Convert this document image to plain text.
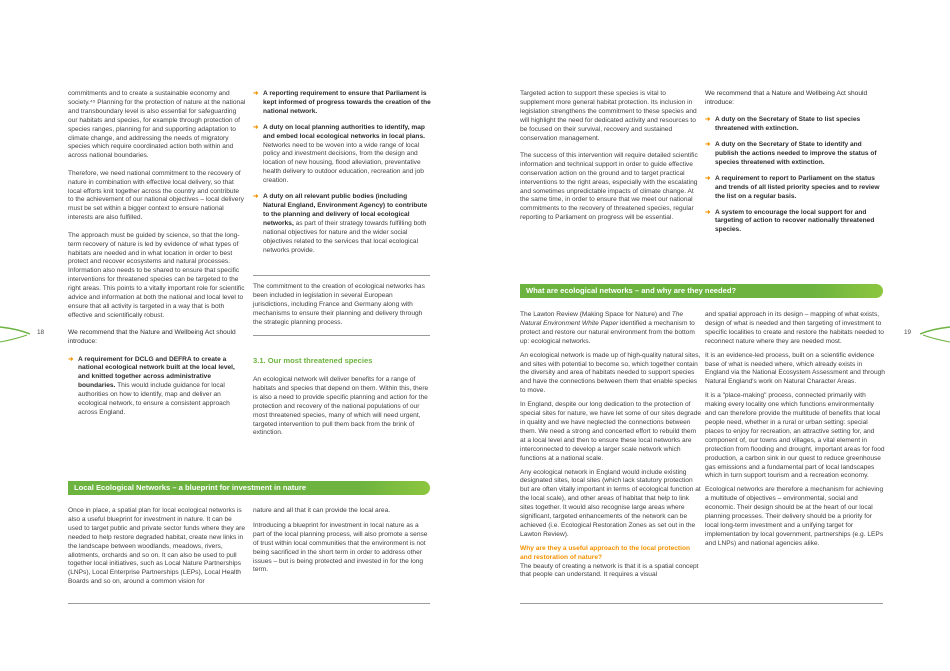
18

commitments and to create a sustainable economy and society.⁴⁵ Planning for the protection of nature at the national and transboundary level is also essential for safeguarding our habitats and species, for example through protection of species ranges, planning for and supporting adaptation to climate change, and addressing the needs of migratory species which require coordinated action both within and across national boundaries.

Therefore, we need national commitment to the recovery of nature in combination with effective local delivery, so that local efforts knit together across the country and contribute to the achievement of our national objectives – local delivery must be set within a bigger context to ensure national interests are also fulfilled.

The approach must be guided by science, so that the long-term recovery of nature is led by evidence of what types of habitats are needed and in what location in order to best protect and recover ecosystems and natural processes. Information also needs to be shared to ensure that specific interventions for threatened species can be targeted to the right areas. This points to a vitally important role for scientific advice and information at both the national and local level to ensure that all activity is targeted in a way that is both effective and scientifically robust.

We recommend that the Nature and Wellbeing Act should introduce:

➜ A requirement for DCLG and DEFRA to create a national ecological network built at the local level, and knitted together across administrative boundaries. This would include guidance for local authorities on how to identify, map and deliver an ecological network, to ensure a consistent approach across England.
➜ A reporting requirement to ensure that Parliament is kept informed of progress towards the creation of the national network.
➜ A duty on local planning authorities to identify, map and embed local ecological networks in local plans. Networks need to be woven into a wide range of local policy and investment decisions, from the design and location of new housing, flood alleviation, preventative health delivery to outdoor education, recreation and job creation.
➜ A duty on all relevant public bodies (including Natural England, Environment Agency) to contribute to the planning and delivery of local ecological networks, as part of their strategy towards fulfilling both national objectives for nature and the wider social objectives related to the services that local ecological networks provide.
The commitment to the creation of ecological networks has been included in legislation in several European jurisdictions, including France and Germany along with mechanisms to ensure their planning and delivery through the strategic planning process.
3.1. Our most threatened species
An ecological network will deliver benefits for a range of habitats and species that depend on them. Within this, there is also a need to provide specific planning and action for the protection and recovery of the national populations of our most threatened species, many of which will need urgent, targeted intervention to pull them back from the brink of extinction.
Local Ecological Networks – a blueprint for investment in nature
Once in place, a spatial plan for local ecological networks is also a useful blueprint for investment in nature. It can be used to target public and private sector funds where they are needed to help restore degraded habitat, create new links in the landscape between woodlands, meadows, rivers, allotments, orchards and so on. It can also be used to pull together local initiatives, such as Local Nature Partnerships (LNPs), Local Enterprise Partnerships (LEPs), Local Health Boards and so on, around a common vision for
nature and all that it can provide the local area.
Introducing a blueprint for investment in local nature as a part of the local planning process, will also promote a sense of trust within local communities that the environment is not being sacrificed in the short term in order to address other issues – but is being protected and invested in for the long term.
19

Targeted action to support these species is vital to supplement more general habitat protection. Its inclusion in legislation strengthens the commitment to these species and will highlight the need for dedicated activity and resources to be focused on their survival, recovery and sustained conservation management.

The success of this intervention will require detailed scientific information and technical support in order to guide effective conservation action on the ground and to target practical interventions to the right areas, especially with the escalating and sometimes unpredictable impacts of climate change. At the same time, in order to ensure that we meet our national commitments to the recovery of threatened species, regular reporting to Parliament on progress will be essential.

We recommend that a Nature and Wellbeing Act should introduce:

➜ A duty on the Secretary of State to list species threatened with extinction.
➜ A duty on the Secretary of State to identify and publish the actions needed to improve the status of species threatened with extinction.
➜ A requirement to report to Parliament on the status and trends of all listed priority species and to review the list on a regular basis.
➜ A system to encourage the local support for and targeting of action to recover nationally threatened species.
What are ecological networks – and why are they needed?

The Lawton Review (Making Space for Nature) and The Natural Environment White Paper identified a mechanism to protect and restore our natural environment from the bottom up: ecological networks.

An ecological network is made up of high-quality natural sites, and sites with potential to become so, which together contain the diversity and area of habitats needed to support species and have the connections between them that enable species to move.

In England, despite our long dedication to the protection of special sites for nature, we have let some of our sites degrade in quality and we have neglected the connections between them. We need a strong and concerted effort to rebuild them at a local level and then to ensure these local networks are interconnected to develop a larger scale network which functions at a national scale.

Any ecological network in England would include existing designated sites, local sites (which lack statutory protection but are often vitally important in terms of ecological function at the local scale), and other areas of habitat that help to link sites together. It would also recognise large areas where significant, targeted enhancements of the network can be achieved (i.e. Ecological Restoration Zones as set out in the Lawton Review).

Why are they a useful approach to the local protection and restoration of nature?
The beauty of creating a network is that it is a spatial concept that people can understand. It requires a visual

and spatial approach in its design – mapping of what exists, design of what is needed and then targeting of investment to specific localities to create and restore the habitats needed to reconnect nature where they are needed most.

It is an evidence-led process, built on a scientific evidence base of what is needed where, which already exists in England via the National Ecosystem Assessment and through Natural England's work on Natural Character Areas.

It is a "place-making" process, connected primarily with making every locality one which functions environmentally and can therefore provide the multitude of benefits that local people need, whether in a rural or urban setting: special places to enjoy for recreation, an attractive setting for, and component of, our towns and villages, a vital element in protection from flooding and drought, important areas for food production, a carbon sink in our quest to reduce greenhouse gas emissions and a fundamental part of local landscapes which in turn support tourism and a recreation economy.

Ecological networks are therefore a mechanism for achieving a multitude of objectives – environmental, social and economic. Their design should be at the heart of our local planning processes. Their delivery should be a priority for local long-term investment and a unifying target for implementation by local government, partnerships (e.g. LEPs and LNPs) and national agencies alike.
